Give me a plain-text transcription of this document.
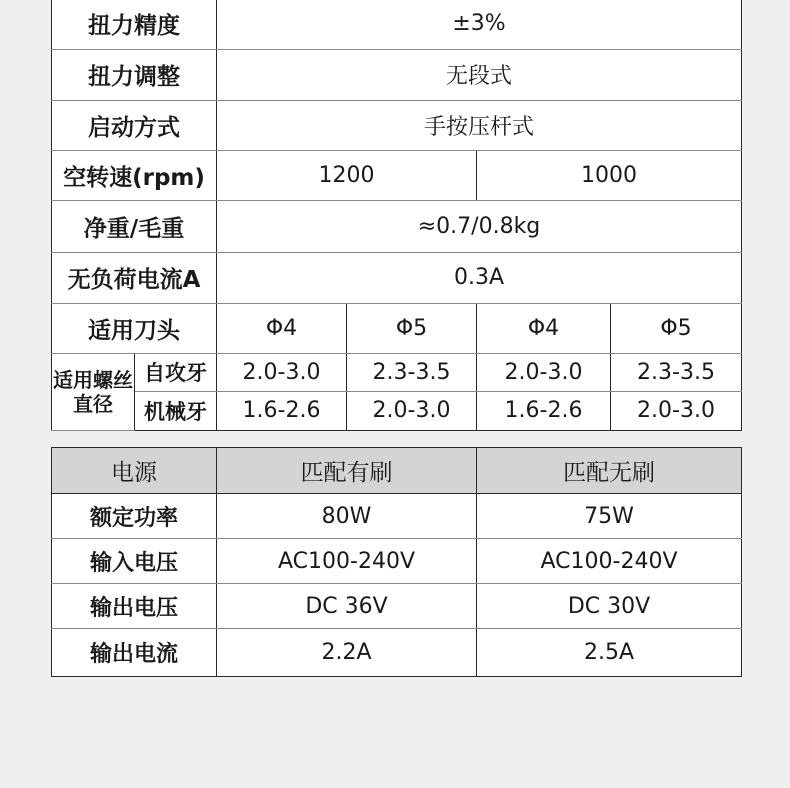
扭力精度		±3%			
扭力调整		无段式			
启动方式		手按压杆式			
空转速(rpm)		1200		1000	
净重/毛重		≈0.7/0.8kg			
无负荷电流A		0.3A			
适用刀头		Φ4	Φ5	Φ4	Φ5
适用螺丝直径	自攻牙	2.0-3.0	2.3-3.5	2.0-3.0	2.3-3.5
	机械牙	1.6-2.6	2.0-3.0	1.6-2.6	2.0-3.0
电源	匹配有刷	匹配无刷
额定功率	80W	75W
输入电压	AC100-240V	AC100-240V
输出电压	DC 36V	DC 30V
输出电流	2.2A	2.5A
